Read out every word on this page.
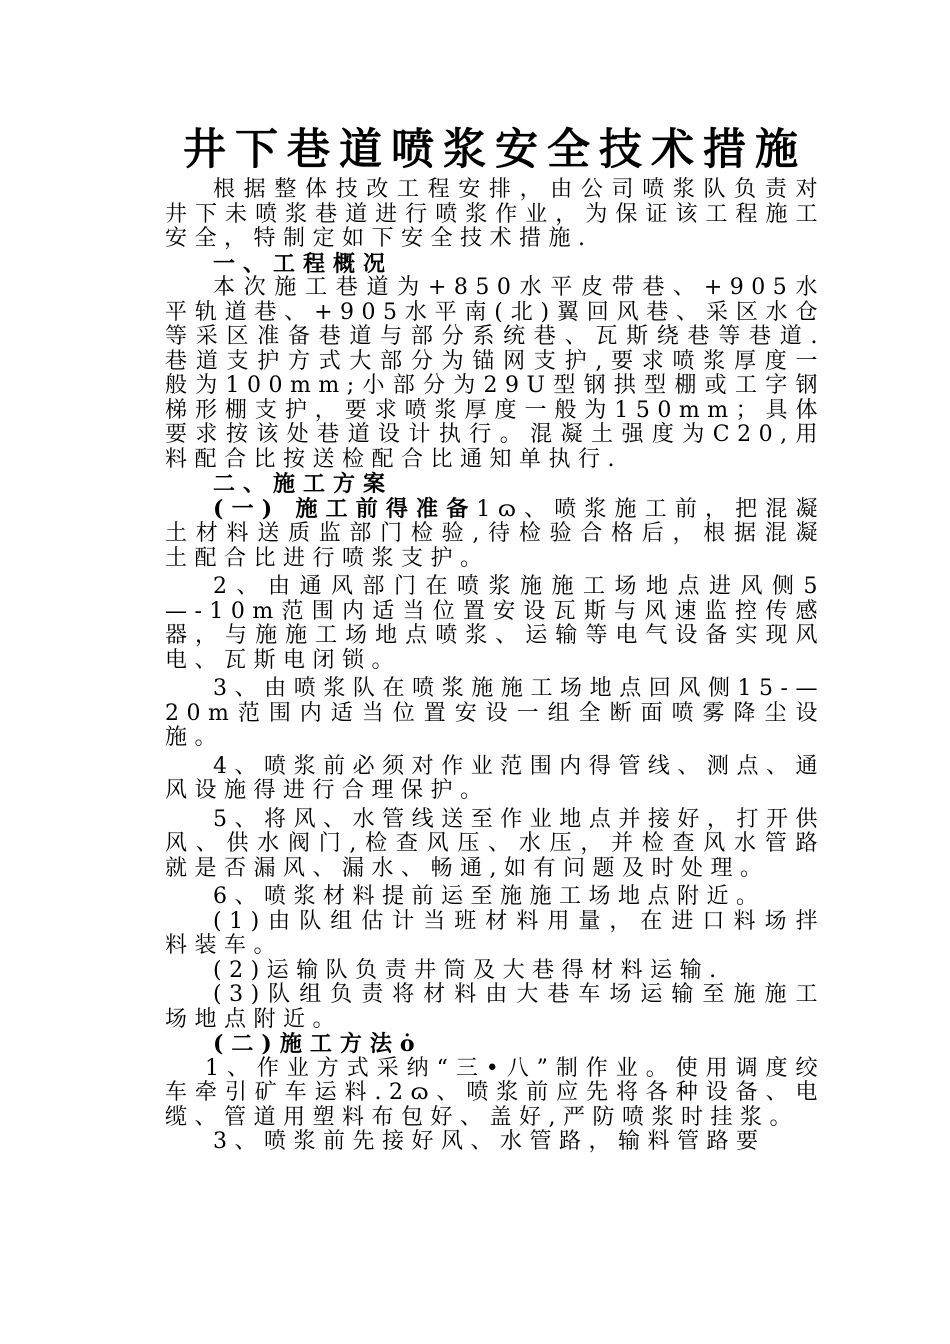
井下巷道喷浆安全技术措施

根据整体技改工程安排，由公司喷浆队负责对井下未喷浆巷道进行喷浆作业，为保证该工程施工安全，特制定如下安全技术措施.

一、工程概况

本次施工巷道为+850水平皮带巷、+905水平轨道巷、+905水平南(北)翼回风巷、采区水仓等采区准备巷道与部分系统巷、瓦斯绕巷等巷道.巷道支护方式大部分为锚网支护,要求喷浆厚度一般为100mm;小部分为29U型钢拱型棚或工字钢梯形棚支护，要求喷浆厚度一般为150mm；具体要求按该处巷道设计执行。混凝土强度为C20,用料配合比按送检配合比通知单执行.

二、施工方案

(一) 施工前得准备1ɷ、喷浆施工前，把混凝土材料送质监部门检验,待检验合格后，根据混凝土配合比进行喷浆支护。

2、由通风部门在喷浆施施工场地点进风侧5—-10m范围内适当位置安设瓦斯与风速监控传感器，与施施工场地点喷浆、运输等电气设备实现风电、瓦斯电闭锁。

3、由喷浆队在喷浆施施工场地点回风侧15-—20m范围内适当位置安设一组全断面喷雾降尘设施。

4、喷浆前必须对作业范围内得管线、测点、通风设施得进行合理保护。

5、将风、水管线送至作业地点并接好，打开供风、供水阀门,检查风压、水压，并检查风水管路就是否漏风、漏水、畅通,如有问题及时处理。

6、喷浆材料提前运至施施工场地点附近。

(1)由队组估计当班材料用量，在进口料场拌料装车。

(2)运输队负责井筒及大巷得材料运输.

(3)队组负责将材料由大巷车场运输至施施工场地点附近。

(二)施工方法ȯ

1、作业方式采纳“三•八”制作业。使用调度绞车牵引矿车运料.2ɷ、喷浆前应先将各种设备、电缆、管道用塑料布包好、盖好,严防喷浆时挂浆。

3、喷浆前先接好风、水管路，输料管路要
